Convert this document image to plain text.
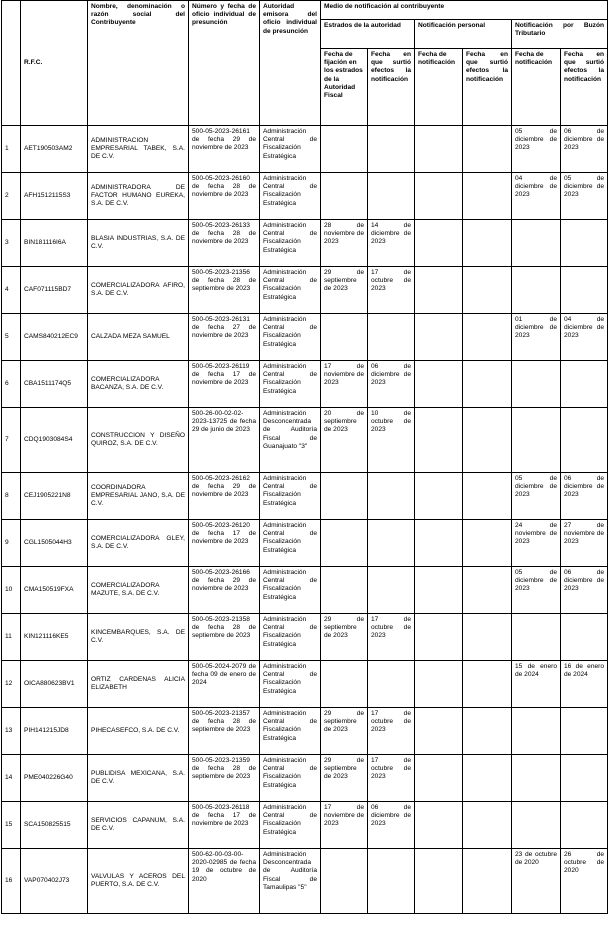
	R.F.C.	Nombre, denominación o razón social del Contribuyente	Número y fecha de oficio individual de presunción	Autoridad emisora del oficio individual de presunción	Medio de notificación al contribuyente					
					Estrados de la autoridad		Notificación personal		Notificación por Buzón Tributario	
					Fecha de fijación en los estrados de la Autoridad Fiscal	Fecha en que surtió efectos la notificación	Fecha de notificación	Fecha en que surtió efectos la notificación	Fecha de notificación	Fecha en que surtió efectos la notificación
1	AET190503AM2	ADMINISTRACION EMPRESARIAL TABEK, S.A. DE C.V.	500-05-2023-26161 de fecha 29 de noviembre de 2023	Administración Central de Fiscalización Estratégica					05 de diciembre de 2023	06 de diciembre de 2023
2	AFH1512115S3	ADMINISTRADORA DE FACTOR HUMANO EUREKA, S.A. DE C.V.	500-05-2023-26160 de fecha 28 de noviembre de 2023	Administración Central de Fiscalización Estratégica					04 de diciembre de 2023	05 de diciembre de 2023
3	BIN181116I6A	BLASIA INDUSTRIAS, S.A. DE C.V.	500-05-2023-26133 de fecha 28 de noviembre de 2023	Administración Central de Fiscalización Estratégica	28 de noviembre de 2023	14 de diciembre de 2023				
4	CAF071115BD7	COMERCIALIZADORA AFIRO, S.A. DE C.V.	500-05-2023-21356 de fecha 28 de septiembre de 2023	Administración Central de Fiscalización Estratégica	29 de septiembre de 2023	17 de octubre de 2023				
5	CAMS840212EC9	CALZADA MEZA SAMUEL	500-05-2023-26131 de fecha 27 de noviembre de 2023	Administración Central de Fiscalización Estratégica					01 de diciembre de 2023	04 de diciembre de 2023
6	CBA1511174Q5	COMERCIALIZADORA BACANZA, S.A. DE C.V.	500-05-2023-26119 de fecha 17 de noviembre de 2023	Administración Central de Fiscalización Estratégica	17 de noviembre de 2023	06 de diciembre de 2023				
7	CDQ1903084S4	CONSTRUCCION Y DISEÑO QUIROZ, S.A. DE C.V.	500-26-00-02-02-2023-13725 de fecha 29 de junio de 2023	Administración Desconcentrada de Auditoría Fiscal de Guanajuato "3"	20 de septiembre de 2023	10 de octubre de 2023				
8	CEJ1905221N8	COORDINADORA EMPRESARIAL JANO, S.A. DE C.V.	500-05-2023-26162 de fecha 29 de noviembre de 2023	Administración Central de Fiscalización Estratégica					05 de diciembre de 2023	06 de diciembre de 2023
9	CGL1505044H3	COMERCIALIZADORA GLEY, S.A. DE C.V.	500-05-2023-26120 de fecha 17 de noviembre de 2023	Administración Central de Fiscalización Estratégica					24 de noviembre de 2023	27 de noviembre de 2023
10	CMA150519FXA	COMERCIALIZADORA MAZUTE, S.A. DE C.V.	500-05-2023-26166 de fecha 29 de noviembre de 2023	Administración Central de Fiscalización Estratégica					05 de diciembre de 2023	06 de diciembre de 2023
11	KIN121116KE5	KINCEMBARQUES, S.A. DE C.V.	500-05-2023-21358 de fecha 28 de septiembre de 2023	Administración Central de Fiscalización Estratégica	29 de septiembre de 2023	17 de octubre de 2023				
12	OICA880623BV1	ORTIZ CARDENAS ALICIA ELIZABETH	500-05-2024-2079 de fecha 09 de enero de 2024	Administración Central de Fiscalización Estratégica					15 de enero de 2024	16 de enero de 2024
13	PIH141215JD8	PIHECASEFCO, S.A. DE C.V.	500-05-2023-21357 de fecha 28 de septiembre de 2023	Administración Central de Fiscalización Estratégica	29 de septiembre de 2023	17 de octubre de 2023				
14	PME040226G40	PUBLIDISA MEXICANA, S.A. DE C.V.	500-05-2023-21359 de fecha 28 de septiembre de 2023	Administración Central de Fiscalización Estratégica	29 de septiembre de 2023	17 de octubre de 2023				
15	SCA150825515	SERVICIOS CAPANUM, S.A. DE C.V.	500-05-2023-26118 de fecha 17 de noviembre de 2023	Administración Central de Fiscalización Estratégica	17 de noviembre de 2023	06 de diciembre de 2023				
16	VAP070402J73	VALVULAS Y ACEROS DEL PUERTO, S.A. DE C.V.	500-62-00-03-00-2020-02985 de fecha 19 de octubre de 2020	Administración Desconcentrada de Auditoría Fiscal de Tamaulipas "5"					23 de octubre de 2020	26 de octubre de 2020
